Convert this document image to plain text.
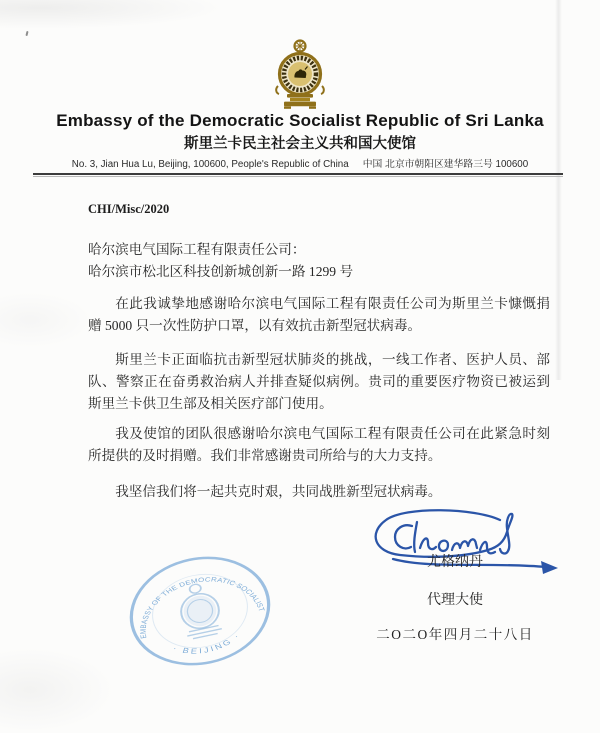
Embassy of the Democratic Socialist Republic of Sri Lanka
斯里兰卡民主社会主义共和国大使馆
No. 3, Jian Hua Lu, Beijing, 100600, People's Republic of China 中国 北京市朝阳区建华路三号 100600
CHI/Misc/2020
哈尔滨电气国际工程有限责任公司：
哈尔滨市松北区科技创新城创新一路 1299 号

在此我诚挚地感谢哈尔滨电气国际工程有限责任公司为斯里兰卡慷慨捐赠 5000 只一次性防护口罩，以有效抗击新型冠状病毒。

斯里兰卡正面临抗击新型冠状肺炎的挑战，一线工作者、医护人员、部队、警察正在奋勇救治病人并排查疑似病例。贵司的重要医疗物资已被运到斯里兰卡供卫生部及相关医疗部门使用。

我及使馆的团队很感谢哈尔滨电气国际工程有限责任公司在此紧急时刻所提供的及时捐赠。我们非常感谢贵司所给与的大力支持。

我坚信我们将一起共克时艰，共同战胜新型冠状病毒。

尤格纳丹
代理大使
二O二O年四月二十八日
EMBASSY OF THE DEMOCRATIC SOCIALIST
· BEIJING ·
